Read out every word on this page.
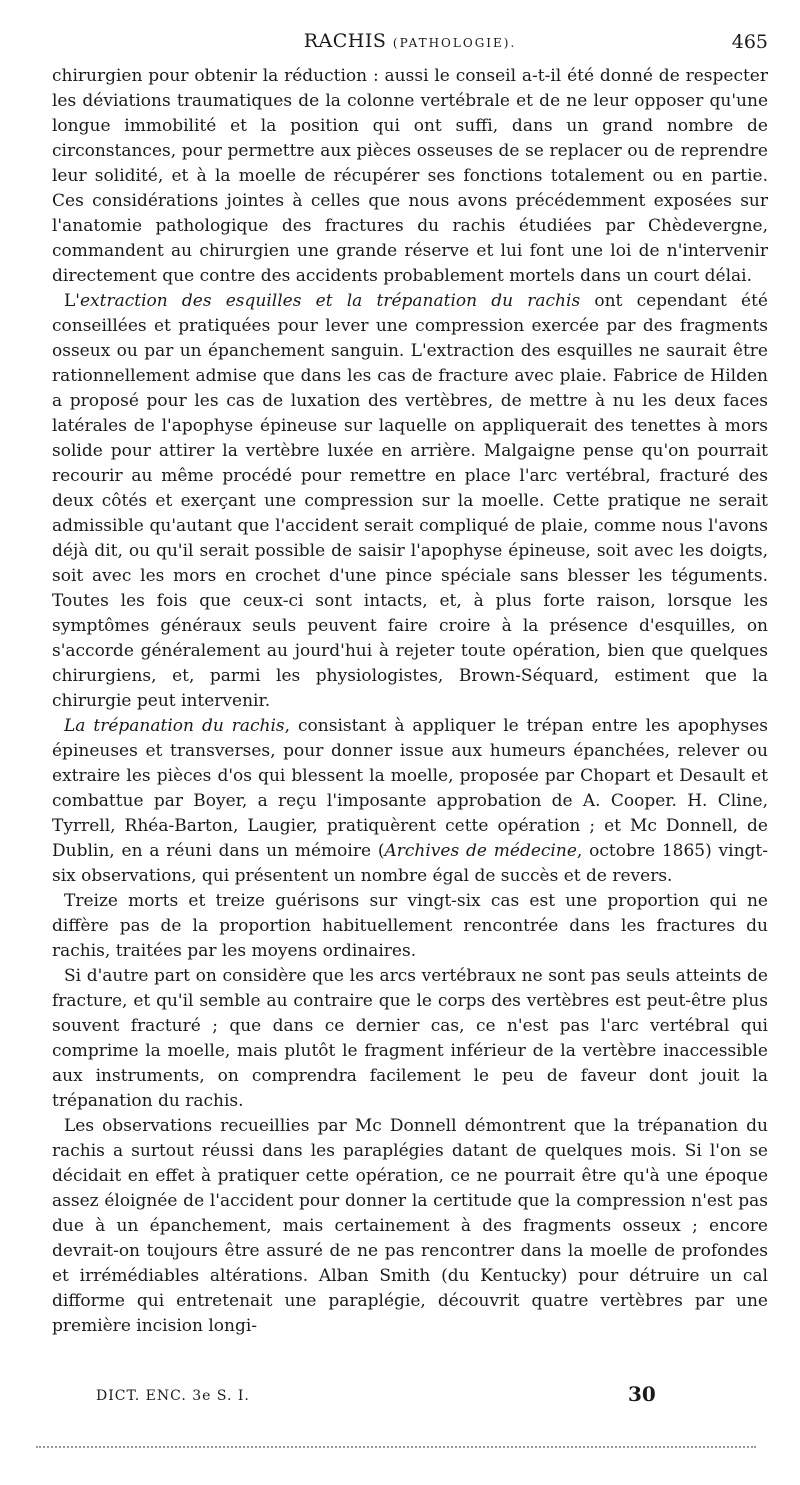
RACHIS (PATHOLOGIE).	465

chirurgien pour obtenir la réduction : aussi le conseil a-t-il été donné de respecter les déviations traumatiques de la colonne vertébrale et de ne leur opposer qu'une longue immobilité et la position qui ont suffi, dans un grand nombre de circonstances, pour permettre aux pièces osseuses de se replacer ou de reprendre leur solidité, et à la moelle de récupérer ses fonctions totalement ou en partie. Ces considérations jointes à celles que nous avons précédemment exposées sur l'anatomie pathologique des fractures du rachis étudiées par Chèdevergne, commandent au chirurgien une grande réserve et lui font une loi de n'intervenir directement que contre des accidents probablement mortels dans un court délai.

L'extraction des esquilles et la trépanation du rachis ont cependant été conseillées et pratiquées pour lever une compression exercée par des fragments osseux ou par un épanchement sanguin. L'extraction des esquilles ne saurait être rationnellement admise que dans les cas de fracture avec plaie. Fabrice de Hilden a proposé pour les cas de luxation des vertèbres, de mettre à nu les deux faces latérales de l'apophyse épineuse sur laquelle on appliquerait des tenettes à mors solide pour attirer la vertèbre luxée en arrière. Malgaigne pense qu'on pourrait recourir au même procédé pour remettre en place l'arc vertébral, fracturé des deux côtés et exerçant une compression sur la moelle. Cette pratique ne serait admissible qu'autant que l'accident serait compliqué de plaie, comme nous l'avons déjà dit, ou qu'il serait possible de saisir l'apophyse épineuse, soit avec les doigts, soit avec les mors en crochet d'une pince spéciale sans blesser les téguments. Toutes les fois que ceux-ci sont intacts, et, à plus forte raison, lorsque les symptômes généraux seuls peuvent faire croire à la présence d'esquilles, on s'accorde généralement au jourd'hui à rejeter toute opération, bien que quelques chirurgiens, et, parmi les physiologistes, Brown-Séquard, estiment que la chirurgie peut intervenir.

La trépanation du rachis, consistant à appliquer le trépan entre les apophyses épineuses et transverses, pour donner issue aux humeurs épanchées, relever ou extraire les pièces d'os qui blessent la moelle, proposée par Chopart et Desault et combattue par Boyer, a reçu l'imposante approbation de A. Cooper. H. Cline, Tyrrell, Rhéa-Barton, Laugier, pratiquèrent cette opération ; et Mc Donnell, de Dublin, en a réuni dans un mémoire (Archives de médecine, octobre 1865) vingt-six observations, qui présentent un nombre égal de succès et de revers.

Treize morts et treize guérisons sur vingt-six cas est une proportion qui ne diffère pas de la proportion habituellement rencontrée dans les fractures du rachis, traitées par les moyens ordinaires.

Si d'autre part on considère que les arcs vertébraux ne sont pas seuls atteints de fracture, et qu'il semble au contraire que le corps des vertèbres est peut-être plus souvent fracturé ; que dans ce dernier cas, ce n'est pas l'arc vertébral qui comprime la moelle, mais plutôt le fragment inférieur de la vertèbre inaccessible aux instruments, on comprendra facilement le peu de faveur dont jouit la trépanation du rachis.

Les observations recueillies par Mc Donnell démontrent que la trépanation du rachis a surtout réussi dans les paraplégies datant de quelques mois. Si l'on se décidait en effet à pratiquer cette opération, ce ne pourrait être qu'à une époque assez éloignée de l'accident pour donner la certitude que la compression n'est pas due à un épanchement, mais certainement à des fragments osseux ; encore devrait-on toujours être assuré de ne pas rencontrer dans la moelle de profondes et irrémédiables altérations. Alban Smith (du Kentucky) pour détruire un cal difforme qui entretenait une paraplégie, découvrit quatre vertèbres par une première incision longi-

DICT. ENC. 3e S. I.	30
